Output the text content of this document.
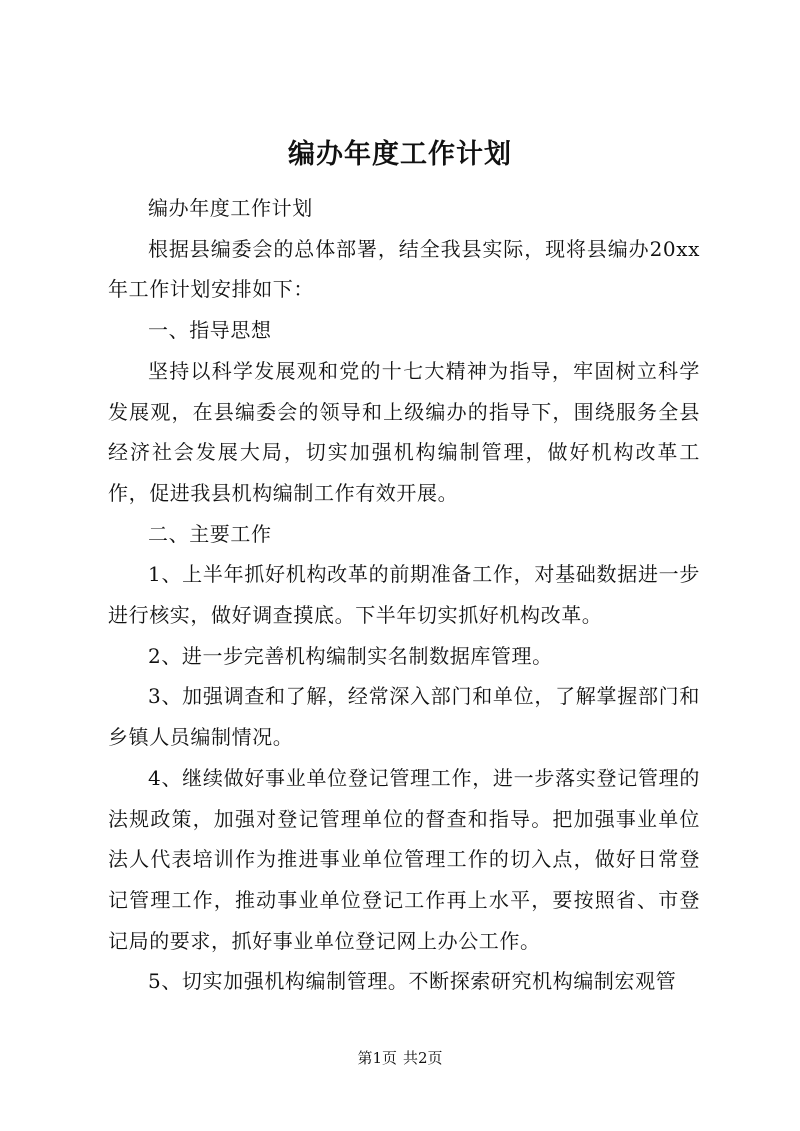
编办年度工作计划

编办年度工作计划

根据县编委会的总体部署，结全我县实际，现将县编办20xx年工作计划安排如下：

一、指导思想

坚持以科学发展观和党的十七大精神为指导，牢固树立科学发展观，在县编委会的领导和上级编办的指导下，围绕服务全县经济社会发展大局，切实加强机构编制管理，做好机构改革工作，促进我县机构编制工作有效开展。

二、主要工作

1、上半年抓好机构改革的前期准备工作，对基础数据进一步进行核实，做好调查摸底。下半年切实抓好机构改革。

2、进一步完善机构编制实名制数据库管理。

3、加强调查和了解，经常深入部门和单位，了解掌握部门和乡镇人员编制情况。

4、继续做好事业单位登记管理工作，进一步落实登记管理的法规政策，加强对登记管理单位的督查和指导。把加强事业单位法人代表培训作为推进事业单位管理工作的切入点，做好日常登记管理工作，推动事业单位登记工作再上水平，要按照省、市登记局的要求，抓好事业单位登记网上办公工作。

5、切实加强机构编制管理。不断探索研究机构编制宏观管

第1页 共2页
